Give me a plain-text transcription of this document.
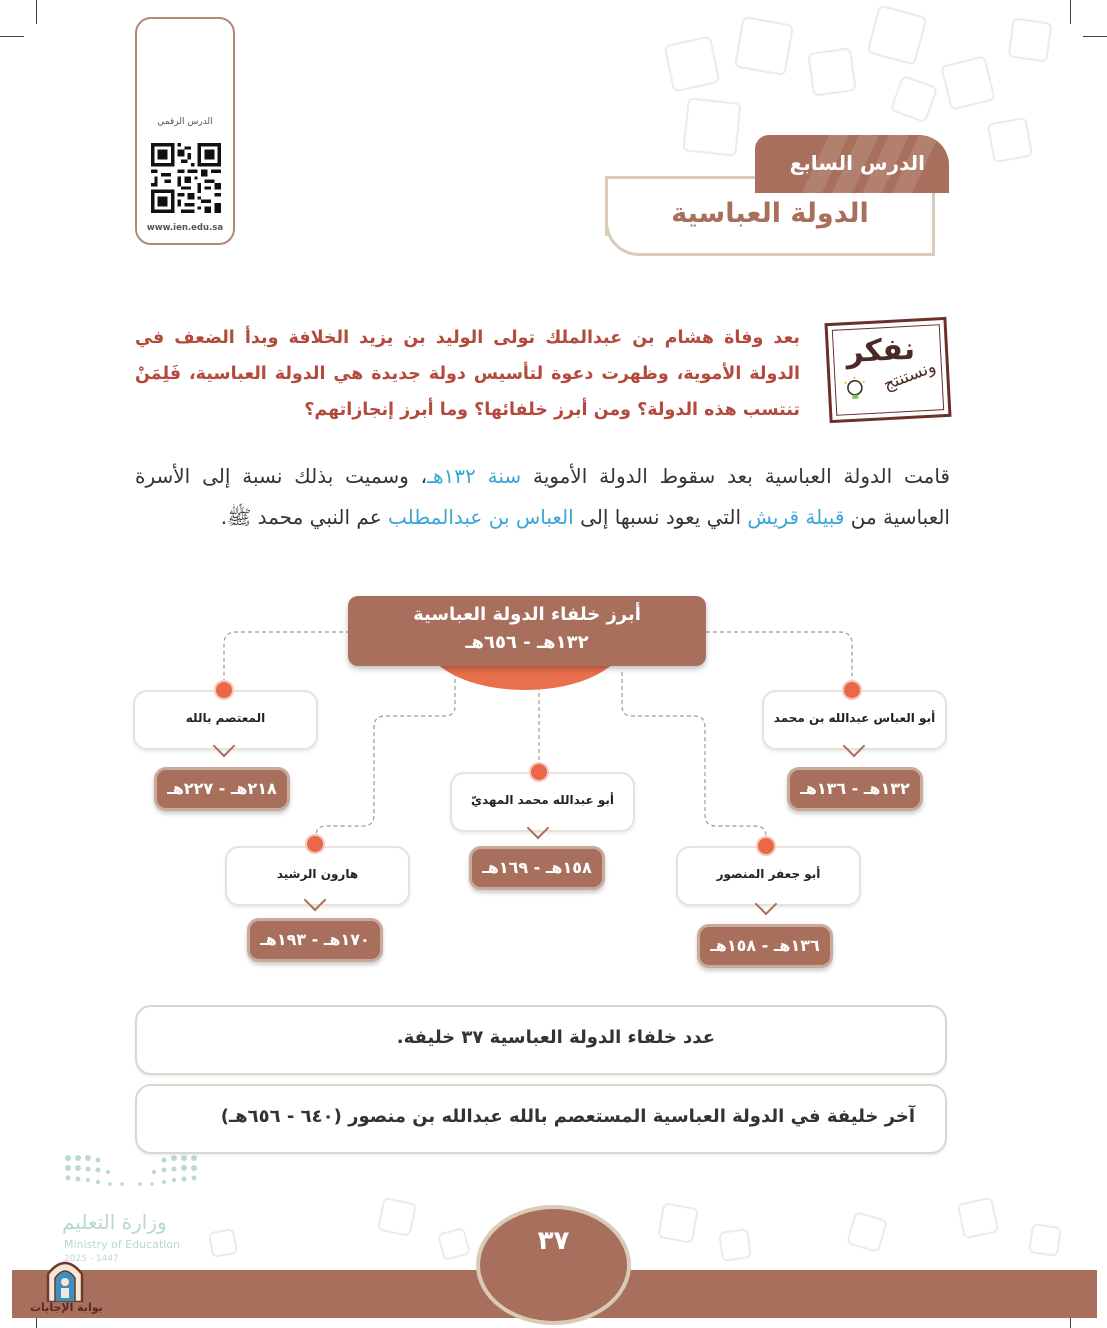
الدرس الرقمي
www.ien.edu.sa
الدرس السابع
الدولة العباسية
نفكر
ونستنتج
بعد وفاة هشام بن عبدالملك تولى الوليد بن يزيد الخلافة وبدأ الضعف في الدولة الأموية، وظهرت دعوة لتأسيس دولة جديدة هي الدولة العباسية، فَلِمَنْ تنتسب هذه الدولة؟ ومن أبرز خلفائها؟ وما أبرز إنجازاتهم؟
قامت الدولة العباسية بعد سقوط الدولة الأموية سنة ١٣٢هـ، وسميت بذلك نسبة إلى الأسرة العباسية من قبيلة قريش التي يعود نسبها إلى العباس بن عبدالمطلب عم النبي محمد ﷺ.
أبرز خلفاء الدولة العباسية
١٣٢هـ - ٦٥٦هـ
أبو العباس عبدالله بن محمد
١٣٢هـ - ١٣٦هـ
المعتصم بالله
٢١٨هـ - ٢٢٧هـ
أبو عبدالله محمد المهديّ
١٥٨هـ - ١٦٩هـ
هارون الرشيد
١٧٠هـ - ١٩٣هـ
أبو جعفر المنصور
١٣٦هـ - ١٥٨هـ
عدد خلفاء الدولة العباسية ٣٧ خليفة.
آخر خليفة في الدولة العباسية المستعصم بالله عبدالله بن منصور (٦٤٠ - ٦٥٦هـ)
وزارة التعليم
Ministry of Education
2025 - 1447
٣٧
بوابة الإجابات
